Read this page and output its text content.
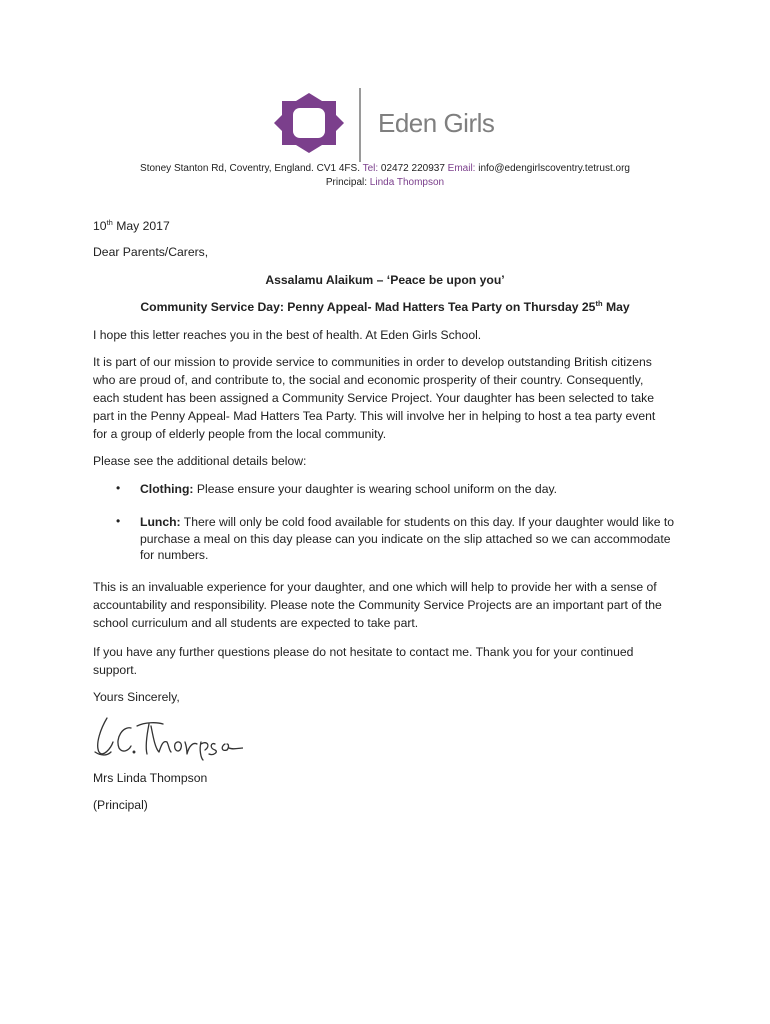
Eden Girls
Stoney Stanton Rd, Coventry, England. CV1 4FS. Tel: 02472 220937 Email: info@edengirlscoventry.tetrust.org
Principal: Linda Thompson
10th May 2017
Dear Parents/Carers,
Assalamu Alaikum – ‘Peace be upon you’
Community Service Day: Penny Appeal- Mad Hatters Tea Party on Thursday 25th May
I hope this letter reaches you in the best of health. At Eden Girls School.
It is part of our mission to provide service to communities in order to develop outstanding British citizens who are proud of, and contribute to, the social and economic prosperity of their country. Consequently, each student has been assigned a Community Service Project. Your daughter has been selected to take part in the Penny Appeal- Mad Hatters Tea Party. This will involve her in helping to host a tea party event for a group of elderly people from the local community.
Please see the additional details below:
• Clothing: Please ensure your daughter is wearing school uniform on the day.
• Lunch: There will only be cold food available for students on this day. If your daughter would like to purchase a meal on this day please can you indicate on the slip attached so we can accommodate for numbers.
This is an invaluable experience for your daughter, and one which will help to provide her with a sense of accountability and responsibility. Please note the Community Service Projects are an important part of the school curriculum and all students are expected to take part.
If you have any further questions please do not hesitate to contact me. Thank you for your continued support.
Yours Sincerely,
Mrs Linda Thompson
(Principal)
